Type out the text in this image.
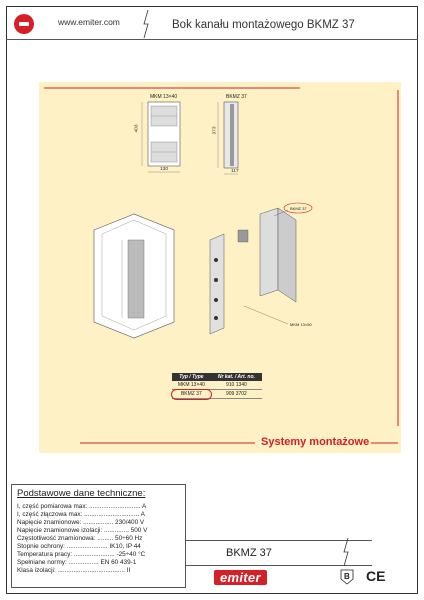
www.emiter.com	Bok kanału montażowego BKMZ 37
MKM 13×40	BKMZ 37
403
130
373
117
BKMZ 37
MKM 13×50
Typ / Type	Nr kat. / Art. no.
MKM 13×40	910 1340
BKMZ 37	909 3702
Systemy montażowe
Podstawowe dane techniczne:
I, część pomiarowa max: ............................. A
I, część złączowa max: ............................... A
Napięcie znamionowe: ................. 230/400 V
Napięcie znamionowe izolacji: .............. 500 V
Częstotliwość znamionowa: ......... 50÷60 Hz
Stopnie ochrony: ....................... IK10, IP 44
Temperatura pracy: ....................... -25÷40 °C
Spełniane normy: ................. EN 60 439-1
Klasa izolacji: ...................................... II
BKMZ 37
emiter	B CE
